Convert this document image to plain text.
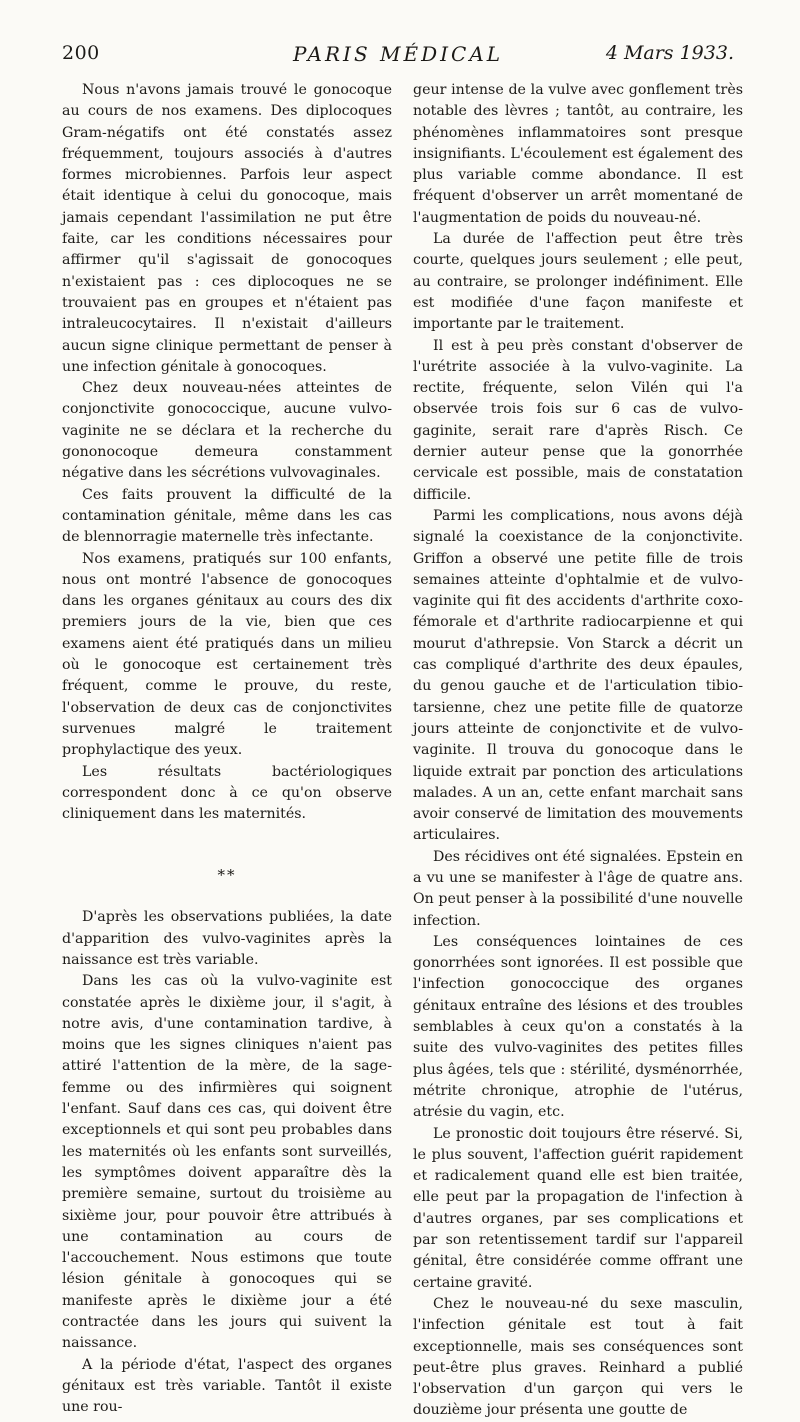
200	PARIS MÉDICAL	4 Mars 1933.

Nous n'avons jamais trouvé le gonocoque au cours de nos examens. Des diplocoques Gram-négatifs ont été constatés assez fréquemment, toujours associés à d'autres formes microbiennes. Parfois leur aspect était identique à celui du gonocoque, mais jamais cependant l'assimilation ne put être faite, car les conditions nécessaires pour affirmer qu'il s'agissait de gonocoques n'existaient pas : ces diplocoques ne se trouvaient pas en groupes et n'étaient pas intraleucocytaires. Il n'existait d'ailleurs aucun signe clinique permettant de penser à une infection génitale à gonocoques.

Chez deux nouveau-nées atteintes de conjonctivite gonococcique, aucune vulvo-vaginite ne se déclara et la recherche du gononocoque demeura constamment négative dans les sécrétions vulvovaginales.

Ces faits prouvent la difficulté de la contamination génitale, même dans les cas de blennorragie maternelle très infectante.

Nos examens, pratiqués sur 100 enfants, nous ont montré l'absence de gonocoques dans les organes génitaux au cours des dix premiers jours de la vie, bien que ces examens aient été pratiqués dans un milieu où le gonocoque est certainement très fréquent, comme le prouve, du reste, l'observation de deux cas de conjonctivites survenues malgré le traitement prophylactique des yeux.

Les résultats bactériologiques correspondent donc à ce qu'on observe cliniquement dans les maternités.

**

D'après les observations publiées, la date d'apparition des vulvo-vaginites après la naissance est très variable.

Dans les cas où la vulvo-vaginite est constatée après le dixième jour, il s'agit, à notre avis, d'une contamination tardive, à moins que les signes cliniques n'aient pas attiré l'attention de la mère, de la sage-femme ou des infirmières qui soignent l'enfant. Sauf dans ces cas, qui doivent être exceptionnels et qui sont peu probables dans les maternités où les enfants sont surveillés, les symptômes doivent apparaître dès la première semaine, surtout du troisième au sixième jour, pour pouvoir être attribués à une contamination au cours de l'accouchement. Nous estimons que toute lésion génitale à gonocoques qui se manifeste après le dixième jour a été contractée dans les jours qui suivent la naissance.

A la période d'état, l'aspect des organes génitaux est très variable. Tantôt il existe une rou-

geur intense de la vulve avec gonflement très notable des lèvres ; tantôt, au contraire, les phénomènes inflammatoires sont presque insignifiants. L'écoulement est également des plus variable comme abondance. Il est fréquent d'observer un arrêt momentané de l'augmentation de poids du nouveau-né.

La durée de l'affection peut être très courte, quelques jours seulement ; elle peut, au contraire, se prolonger indéfiniment. Elle est modifiée d'une façon manifeste et importante par le traitement.

Il est à peu près constant d'observer de l'urétrite associée à la vulvo-vaginite. La rectite, fréquente, selon Vilén qui l'a observée trois fois sur 6 cas de vulvo-gaginite, serait rare d'après Risch. Ce dernier auteur pense que la gonorrhée cervicale est possible, mais de constatation difficile.

Parmi les complications, nous avons déjà signalé la coexistance de la conjonctivite. Griffon a observé une petite fille de trois semaines atteinte d'ophtalmie et de vulvo-vaginite qui fit des accidents d'arthrite coxo-fémorale et d'arthrite radiocarpienne et qui mourut d'athrepsie. Von Starck a décrit un cas compliqué d'arthrite des deux épaules, du genou gauche et de l'articulation tibio-tarsienne, chez une petite fille de quatorze jours atteinte de conjonctivite et de vulvo-vaginite. Il trouva du gonocoque dans le liquide extrait par ponction des articulations malades. A un an, cette enfant marchait sans avoir conservé de limitation des mouvements articulaires.

Des récidives ont été signalées. Epstein en a vu une se manifester à l'âge de quatre ans. On peut penser à la possibilité d'une nouvelle infection.

Les conséquences lointaines de ces gonorrhées sont ignorées. Il est possible que l'infection gonococcique des organes génitaux entraîne des lésions et des troubles semblables à ceux qu'on a constatés à la suite des vulvo-vaginites des petites filles plus âgées, tels que : stérilité, dysménorrhée, métrite chronique, atrophie de l'utérus, atrésie du vagin, etc.

Le pronostic doit toujours être réservé. Si, le plus souvent, l'affection guérit rapidement et radicalement quand elle est bien traitée, elle peut par la propagation de l'infection à d'autres organes, par ses complications et par son retentissement tardif sur l'appareil génital, être considérée comme offrant une certaine gravité.

Chez le nouveau-né du sexe masculin, l'infection génitale est tout à fait exceptionnelle, mais ses conséquences sont peut-être plus graves. Reinhard a publié l'observation d'un garçon qui vers le douzième jour présenta une goutte de
